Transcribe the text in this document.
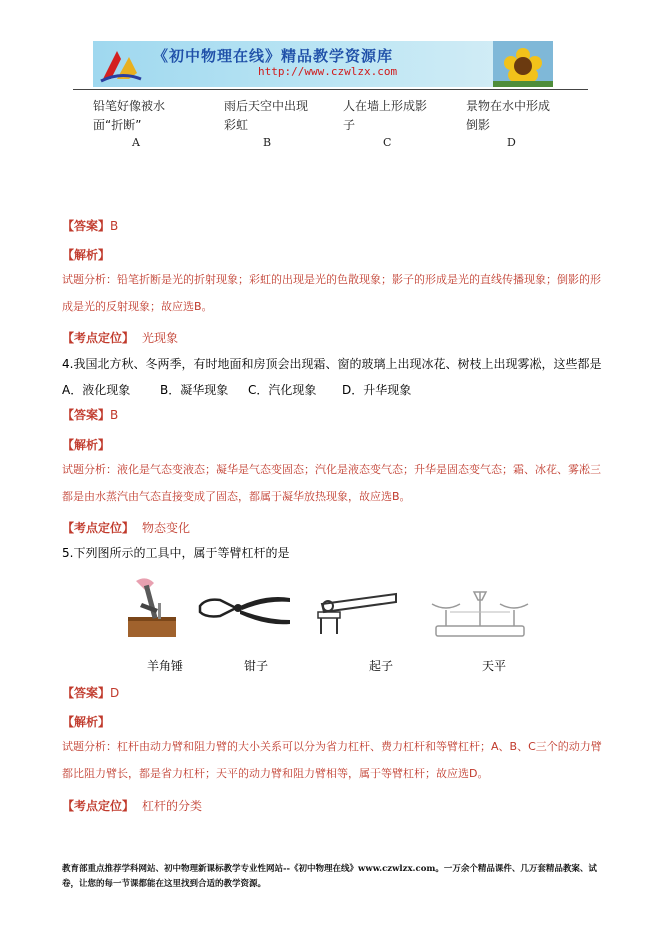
《初中物理在线》精品教学资源库
http://www.czwlzx.com
铅笔好像被水面“折断”
雨后天空中出现彩虹
人在墙上形成影子
景物在水中形成倒影
A	B	C	D
【答案】B
【解析】
试题分析：铅笔折断是光的折射现象；彩虹的出现是光的色散现象；影子的形成是光的直线传播现象；倒影的形成是光的反射现象；故应选B。
【考点定位】 光现象
4.我国北方秋、冬两季，有时地面和房顶会出现霜、窗的玻璃上出现冰花、树枝上出现雾凇，这些都是
A．液化现象 B．凝华现象 C．汽化现象 D．升华现象
【答案】B
【解析】
试题分析：液化是气态变液态；凝华是气态变固态；汽化是液态变气态；升华是固态变气态；霜、冰花、雾凇三都是由水蒸汽由气态直接变成了固态，都属于凝华放热现象，故应选B。
【考点定位】 物态变化
5.下列图所示的工具中，属于等臂杠杆的是
羊角锤	钳子	起子	天平
【答案】D
【解析】
试题分析：杠杆由动力臂和阻力臂的大小关系可以分为省力杠杆、费力杠杆和等臂杠杆；A、B、C三个的动力臂都比阻力臂长，都是省力杠杆；天平的动力臂和阻力臂相等，属于等臂杠杆；故应选D。
【考点定位】 杠杆的分类
教育部重点推荐学科网站、初中物理新课标教学专业性网站--《初中物理在线》www.czwlzx.com。一万余个精品课件、几万套精品教案、试卷，让您的每一节课都能在这里找到合适的教学资源。
